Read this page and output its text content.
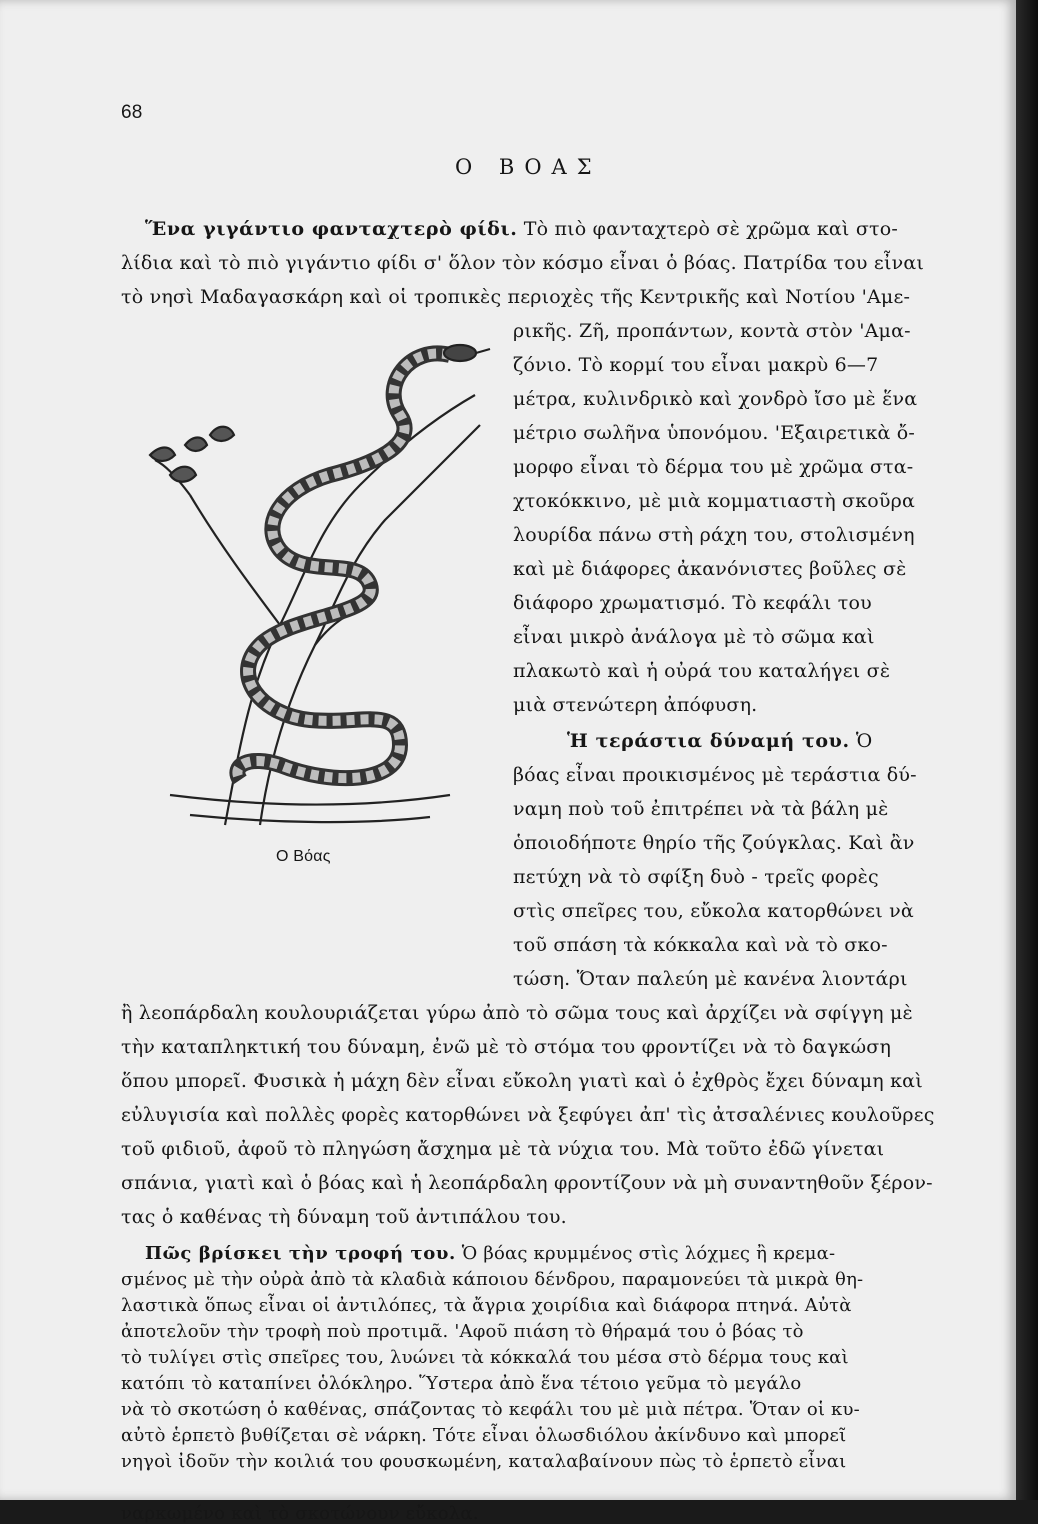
68
Ο ΒΟΑΣ
Ἕνα γιγάντιο φανταχτερὸ φίδι. Τὸ πιὸ φανταχτερὸ σὲ χρῶμα καὶ στο-
λίδια καὶ τὸ πιὸ γιγάντιο φίδι σ' ὅλον τὸν κόσμο εἶναι ὁ βόας. Πατρίδα του εἶναι
τὸ νησὶ Μαδαγασκάρη καὶ οἱ τροπικὲς περιοχὲς τῆς Κεντρικῆς καὶ Νοτίου 'Αμε-
ρικῆς. Ζῆ, προπάντων, κοντὰ στὸν 'Αμα-
ζόνιο. Τὸ κορμί του εἶναι μακρὺ 6—7
μέτρα, κυλινδρικὸ καὶ χονδρὸ ἴσο μὲ ἕνα
μέτριο σωλῆνα ὑπονόμου. 'Εξαιρετικὰ ὄ-
μορφο εἶναι τὸ δέρμα του μὲ χρῶμα στα-
χτοκόκκινο, μὲ μιὰ κομματιαστὴ σκοῦρα
λουρίδα πάνω στὴ ράχη του, στολισμένη
καὶ μὲ διάφορες ἀκανόνιστες βοῦλες σὲ
διάφορο χρωματισμό. Τὸ κεφάλι του
εἶναι μικρὸ ἀνάλογα μὲ τὸ σῶμα καὶ
πλακωτὸ καὶ ἡ οὐρά του καταλήγει σὲ
μιὰ στενώτερη ἀπόφυση.
Ἡ τεράστια δύναμή του. Ὁ
βόας εἶναι προικισμένος μὲ τεράστια δύ-
ναμη ποὺ τοῦ ἐπιτρέπει νὰ τὰ βάλη μὲ
ὁποιοδήποτε θηρίο τῆς ζούγκλας. Καὶ ἂν
πετύχη νὰ τὸ σφίξη δυὸ - τρεῖς φορὲς
στὶς σπεῖρες του, εὔκολα κατορθώνει νὰ
τοῦ σπάση τὰ κόκκαλα καὶ νὰ τὸ σκο-
τώση. Ὅταν παλεύη μὲ κανένα λιοντάρι
ἢ λεοπάρδαλη κουλουριάζεται γύρω ἀπὸ τὸ σῶμα τους καὶ ἀρχίζει νὰ σφίγγη μὲ
τὴν καταπληκτική του δύναμη, ἐνῶ μὲ τὸ στόμα του φροντίζει νὰ τὸ δαγκώση
ὅπου μπορεῖ. Φυσικὰ ἡ μάχη δὲν εἶναι εὔκολη γιατὶ καὶ ὁ ἐχθρὸς ἔχει δύναμη καὶ
εὐλυγισία καὶ πολλὲς φορὲς κατορθώνει νὰ ξεφύγει ἀπ' τὶς ἀτσαλένιες κουλοῦρες
τοῦ φιδιοῦ, ἀφοῦ τὸ πληγώση ἄσχημα μὲ τὰ νύχια του. Μὰ τοῦτο ἐδῶ γίνεται
σπάνια, γιατὶ καὶ ὁ βόας καὶ ἡ λεοπάρδαλη φροντίζουν νὰ μὴ συναντηθοῦν ξέρον-
τας ὁ καθένας τὴ δύναμη τοῦ ἀντιπάλου του.
Πῶς βρίσκει τὴν τροφή του. Ὁ βόας κρυμμένος στὶς λόχμες ἢ κρεμα-
σμένος μὲ τὴν οὐρὰ ἀπὸ τὰ κλαδιὰ κάποιου δένδρου, παραμονεύει τὰ μικρὰ θη-
λαστικὰ ὅπως εἶναι οἱ ἀντιλόπες, τὰ ἄγρια χοιρίδια καὶ διάφορα πτηνά. Αὐτὰ
ἀποτελοῦν τὴν τροφὴ ποὺ προτιμᾶ. 'Αφοῦ πιάση τὸ θήραμά του ὁ βόας τὸ
τὸ τυλίγει στὶς σπεῖρες του, λυώνει τὰ κόκκαλά του μέσα στὸ δέρμα τους καὶ
κατόπι τὸ καταπίνει ὁλόκληρο. Ὕστερα ἀπὸ ἕνα τέτοιο γεῦμα τὸ μεγάλο
αὐτὸ ἑρπετὸ βυθίζεται σὲ νάρκη. Τότε εἶναι ὁλωσδιόλου ἀκίνδυνο καὶ μπορεῖ
νὰ τὸ σκοτώση ὁ καθένας, σπάζοντας τὸ κεφάλι του μὲ μιὰ πέτρα. Ὅταν οἱ κυ-
νηγοὶ ἰδοῦν τὴν κοιλιά του φουσκωμένη, καταλαβαίνουν πὼς τὸ ἑρπετὸ εἶναι
ναρκωμένο καὶ τὸ σκοτώνουν εὔκολα.
Ο Βόας
